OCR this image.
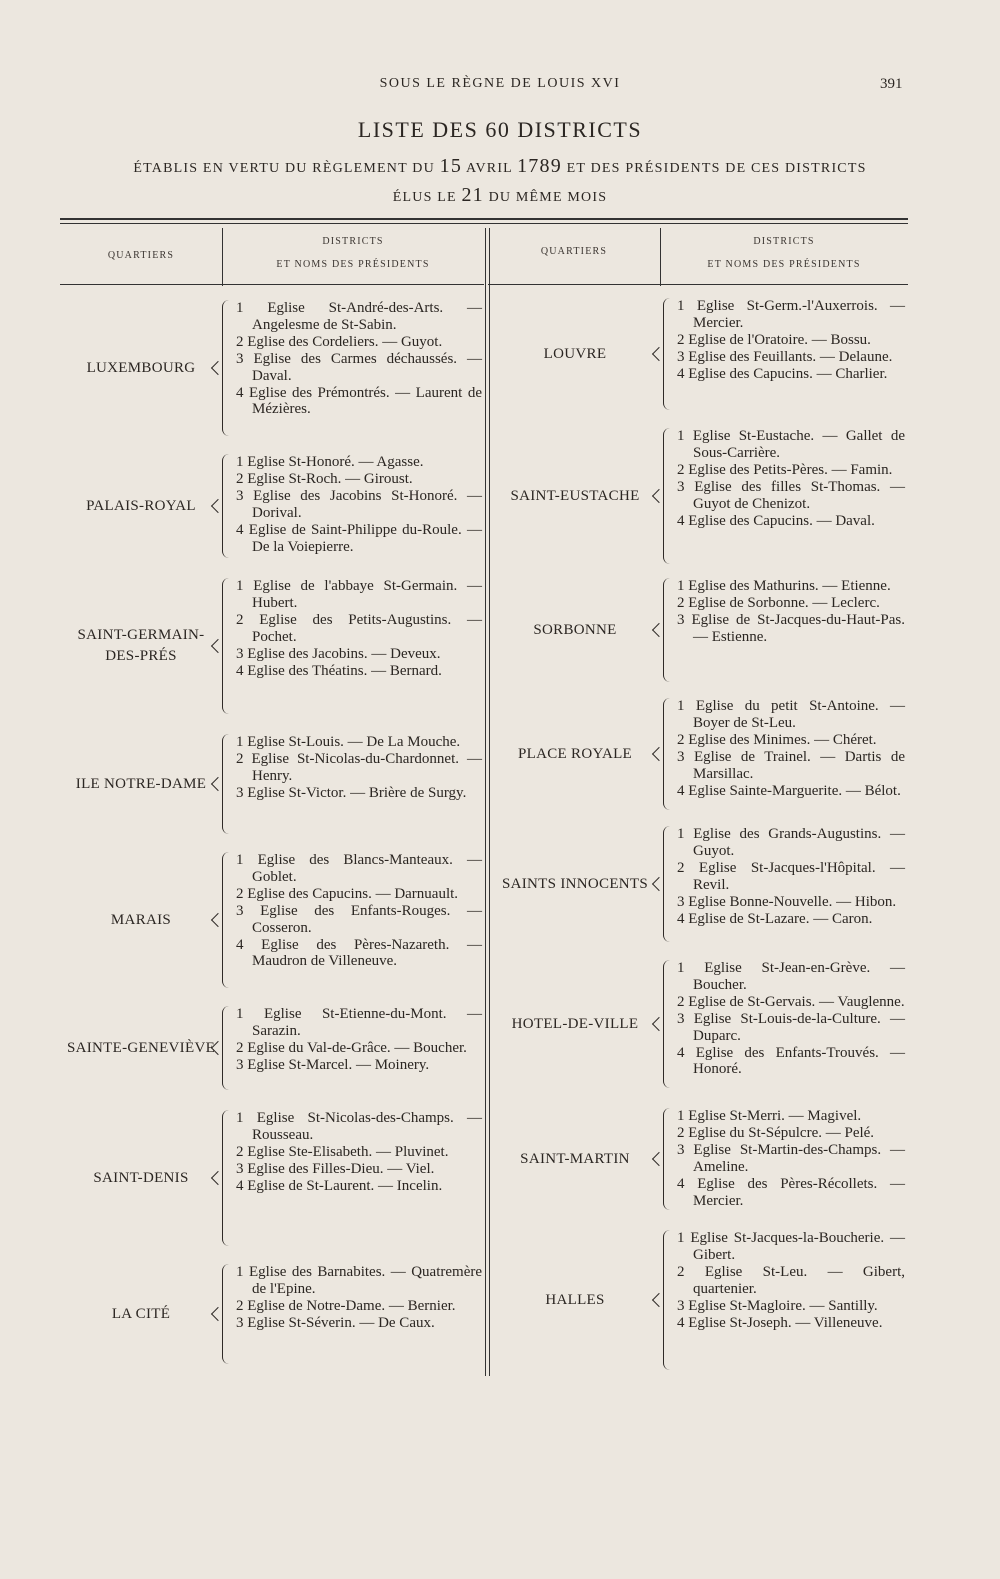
SOUS LE RÈGNE DE LOUIS XVI	391
LISTE DES 60 DISTRICTS
ÉTABLIS EN VERTU DU RÈGLEMENT DU 15 AVRIL 1789 ET DES PRÉSIDENTS DE CES DISTRICTS
ÉLUS LE 21 DU MÊME MOIS
QUARTIERS
DISTRICTS
ET NOMS DES PRÉSIDENTS
QUARTIERS
DISTRICTS
ET NOMS DES PRÉSIDENTS
LUXEMBOURG

1 Eglise St-André-des-Arts. — Angelesme de St-Sabin.

2 Eglise des Cordeliers. — Guyot.

3 Eglise des Carmes déchaussés. — Daval.

4 Eglise des Prémontrés. — Laurent de Mézières.

PALAIS-ROYAL

1 Eglise St-Honoré. — Agasse.

2 Eglise St-Roch. — Giroust.

3 Eglise des Jacobins St-Honoré. — Dorival.

4 Eglise de Saint-Philippe du-Roule. — De la Voiepierre.

SAINT-GERMAIN-DES-PRÉS

1 Eglise de l'abbaye St-Germain. — Hubert.

2 Eglise des Petits-Augustins. — Pochet.

3 Eglise des Jacobins. — Deveux.

4 Eglise des Théatins. — Bernard.

ILE NOTRE-DAME

1 Eglise St-Louis. — De La Mouche.

2 Eglise St-Nicolas-du-Chardonnet. — Henry.

3 Eglise St-Victor. — Brière de Surgy.

MARAIS

1 Eglise des Blancs-Manteaux. — Goblet.

2 Eglise des Capucins. — Darnuault.

3 Eglise des Enfants-Rouges. — Cosseron.

4 Eglise des Pères-Nazareth. — Maudron de Villeneuve.

SAINTE-GENEVIÈVE

1 Eglise St-Etienne-du-Mont. — Sarazin.

2 Eglise du Val-de-Grâce. — Boucher.

3 Eglise St-Marcel. — Moinery.

SAINT-DENIS

1 Eglise St-Nicolas-des-Champs. — Rousseau.

2 Eglise Ste-Elisabeth. — Pluvinet.

3 Eglise des Filles-Dieu. — Viel.

4 Eglise de St-Laurent. — Incelin.

LA CITÉ

1 Eglise des Barnabites. — Quatremère de l'Epine.

2 Eglise de Notre-Dame. — Bernier.

3 Eglise St-Séverin. — De Caux.

LOUVRE

1 Eglise St-Germ.-l'Auxerrois. — Mercier.

2 Eglise de l'Oratoire. — Bossu.

3 Eglise des Feuillants. — Delaune.

4 Eglise des Capucins. — Charlier.

SAINT-EUSTACHE

1 Eglise St-Eustache. — Gallet de Sous-Carrière.

2 Eglise des Petits-Pères. — Famin.

3 Eglise des filles St-Thomas. — Guyot de Chenizot.

4 Eglise des Capucins. — Daval.

SORBONNE

1 Eglise des Mathurins. — Etienne.

2 Eglise de Sorbonne. — Leclerc.

3 Eglise de St-Jacques-du-Haut-Pas. — Estienne.

PLACE ROYALE

1 Eglise du petit St-Antoine. — Boyer de St-Leu.

2 Eglise des Minimes. — Chéret.

3 Eglise de Trainel. — Dartis de Marsillac.

4 Eglise Sainte-Marguerite. — Bélot.

SAINTS INNOCENTS

1 Eglise des Grands-Augustins. — Guyot.

2 Eglise St-Jacques-l'Hôpital. — Revil.

3 Eglise Bonne-Nouvelle. — Hibon.

4 Eglise de St-Lazare. — Caron.

HOTEL-DE-VILLE

1 Eglise St-Jean-en-Grève. — Boucher.

2 Eglise de St-Gervais. — Vauglenne.

3 Eglise St-Louis-de-la-Culture. — Duparc.

4 Eglise des Enfants-Trouvés. — Honoré.

SAINT-MARTIN

1 Eglise St-Merri. — Magivel.

2 Eglise du St-Sépulcre. — Pelé.

3 Eglise St-Martin-des-Champs. — Ameline.

4 Eglise des Pères-Récollets. — Mercier.

HALLES

1 Eglise St-Jacques-la-Boucherie. — Gibert.

2 Eglise St-Leu. — Gibert, quartenier.

3 Eglise St-Magloire. — Santilly.

4 Eglise St-Joseph. — Villeneuve.
